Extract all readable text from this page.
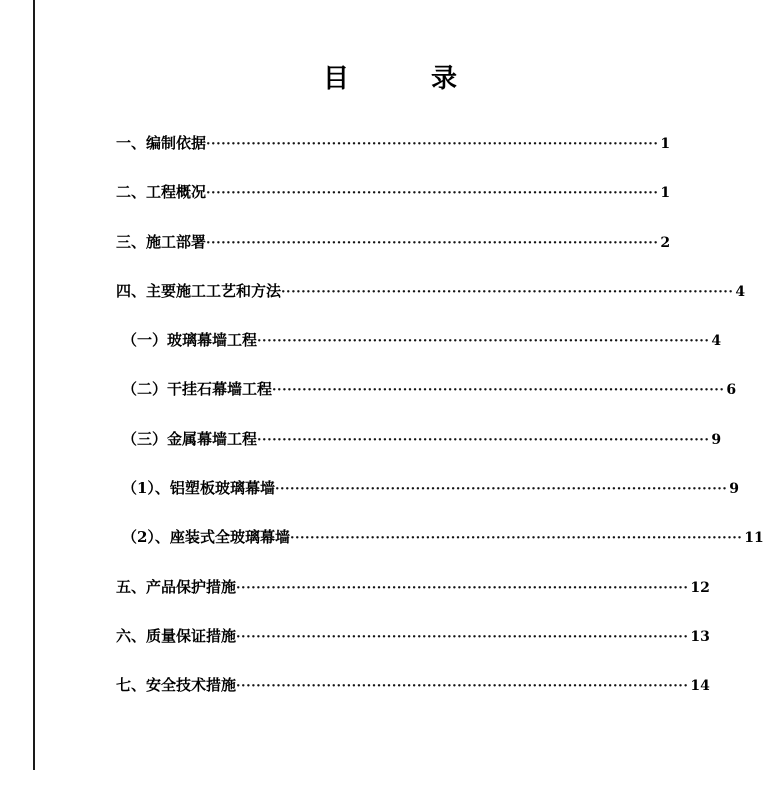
目	录
一、编制依据 ·························································································· 1
二、工程概况 ·························································································· 1
三、施工部署 ·························································································· 2
四、主要施工工艺和方法 ·························································································· 4
（一）玻璃幕墙工程 ·························································································· 4
（二）干挂石幕墙工程 ·························································································· 6
（三）金属幕墙工程 ·························································································· 9
（1）、铝塑板玻璃幕墙 ·························································································· 9
（2）、座装式全玻璃幕墙 ·························································································· 11
五、产品保护措施 ·························································································· 12
六、质量保证措施 ·························································································· 13
七、安全技术措施 ·························································································· 14
